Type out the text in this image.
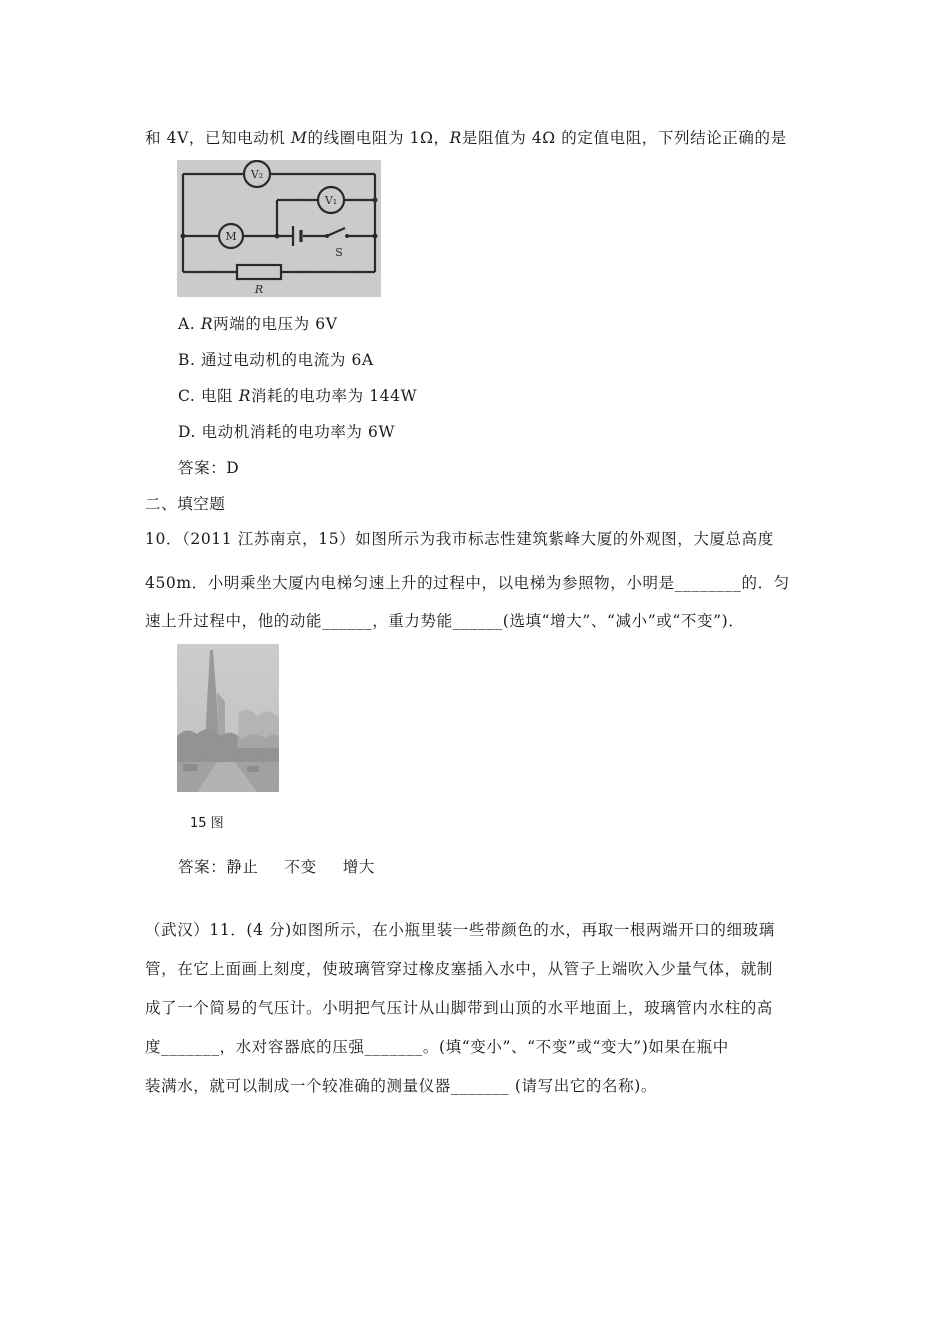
和 4V，已知电动机 M的线圈电阻为 1Ω，R是阻值为 4Ω 的定值电阻，下列结论正确的是
V₂
V₁
M
S
R
A. R两端的电压为 6V
B. 通过电动机的电流为 6A
C. 电阻 R消耗的电功率为 144W
D. 电动机消耗的电功率为 6W
答案：D
二、填空题
10．（2011 江苏南京，15）如图所示为我市标志性建筑紫峰大厦的外观图，大厦总高度
450m．小明乘坐大厦内电梯匀速上升的过程中，以电梯为参照物，小明是________的．匀
速上升过程中，他的动能______，重力势能______(选填“增大”、“减小”或“不变”)．
15 图
答案：静止 不变 增大
（武汉）11．(4 分)如图所示，在小瓶里装一些带颜色的水，再取一根两端开口的细玻璃
管，在它上面画上刻度，使玻璃管穿过橡皮塞插入水中，从管子上端吹入少量气体，就制
成了一个简易的气压计。小明把气压计从山脚带到山顶的水平地面上，玻璃管内水柱的高
度_______，水对容器底的压强_______。(填“变小”、“不变”或“变大”)如果在瓶中
装满水，就可以制成一个较准确的测量仪器_______ (请写出它的名称)。
